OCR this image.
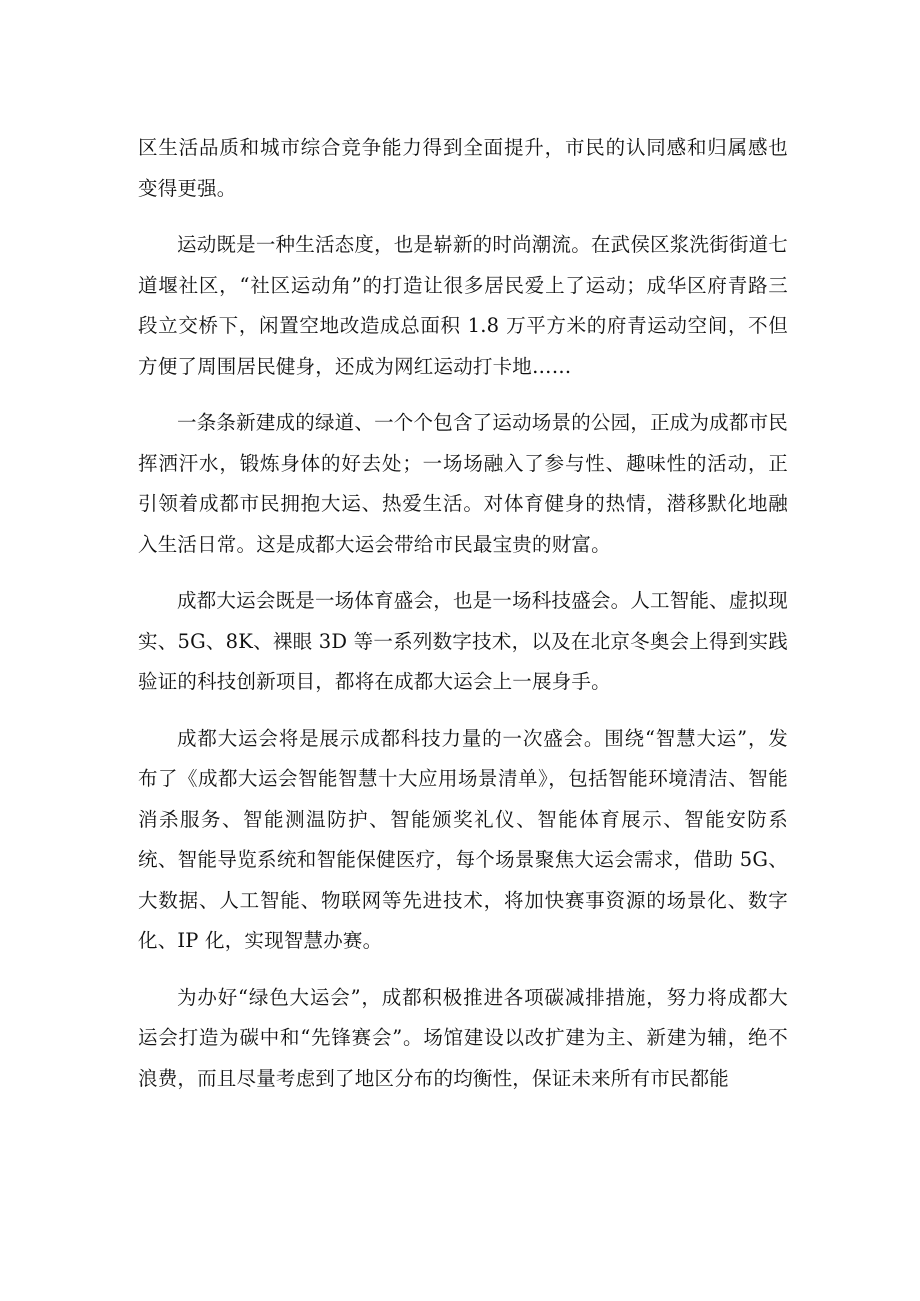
区生活品质和城市综合竞争能力得到全面提升，市民的认同感和归属感也变得更强。

运动既是一种生活态度，也是崭新的时尚潮流。在武侯区浆洗街街道七道堰社区，“社区运动角”的打造让很多居民爱上了运动；成华区府青路三段立交桥下，闲置空地改造成总面积 1.8 万平方米的府青运动空间，不但方便了周围居民健身，还成为网红运动打卡地……

一条条新建成的绿道、一个个包含了运动场景的公园，正成为成都市民挥洒汗水，锻炼身体的好去处；一场场融入了参与性、趣味性的活动，正引领着成都市民拥抱大运、热爱生活。对体育健身的热情，潜移默化地融入生活日常。这是成都大运会带给市民最宝贵的财富。

成都大运会既是一场体育盛会，也是一场科技盛会。人工智能、虚拟现实、5G、8K、裸眼 3D 等一系列数字技术，以及在北京冬奥会上得到实践验证的科技创新项目，都将在成都大运会上一展身手。

成都大运会将是展示成都科技力量的一次盛会。围绕“智慧大运”，发布了《成都大运会智能智慧十大应用场景清单》，包括智能环境清洁、智能消杀服务、智能测温防护、智能颁奖礼仪、智能体育展示、智能安防系统、智能导览系统和智能保健医疗，每个场景聚焦大运会需求，借助 5G、大数据、人工智能、物联网等先进技术，将加快赛事资源的场景化、数字化、IP 化，实现智慧办赛。

为办好“绿色大运会”，成都积极推进各项碳减排措施，努力将成都大运会打造为碳中和“先锋赛会”。场馆建设以改扩建为主、新建为辅，绝不浪费，而且尽量考虑到了地区分布的均衡性，保证未来所有市民都能
